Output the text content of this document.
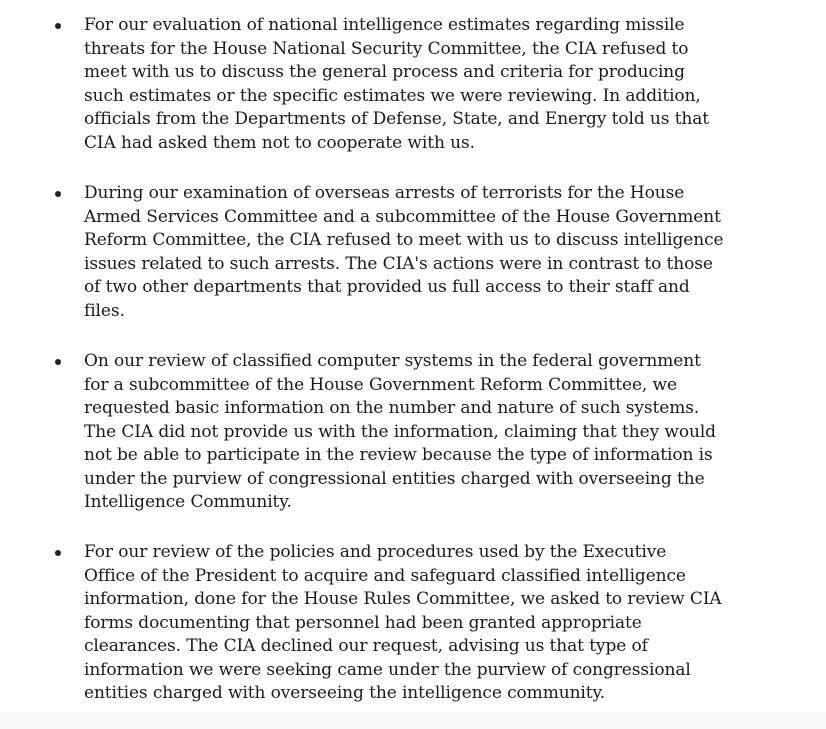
For our evaluation of national intelligence estimates regarding missile
threats for the House National Security Committee, the CIA refused to
meet with us to discuss the general process and criteria for producing
such estimates or the specific estimates we were reviewing. In addition,
officials from the Departments of Defense, State, and Energy told us that
CIA had asked them not to cooperate with us.

During our examination of overseas arrests of terrorists for the House
Armed Services Committee and a subcommittee of the House Government
Reform Committee, the CIA refused to meet with us to discuss intelligence
issues related to such arrests. The CIA's actions were in contrast to those
of two other departments that provided us full access to their staff and
files.

On our review of classified computer systems in the federal government
for a subcommittee of the House Government Reform Committee, we
requested basic information on the number and nature of such systems.
The CIA did not provide us with the information, claiming that they would
not be able to participate in the review because the type of information is
under the purview of congressional entities charged with overseeing the
Intelligence Community.

For our review of the policies and procedures used by the Executive
Office of the President to acquire and safeguard classified intelligence
information, done for the House Rules Committee, we asked to review CIA
forms documenting that personnel had been granted appropriate
clearances. The CIA declined our request, advising us that type of
information we were seeking came under the purview of congressional
entities charged with overseeing the intelligence community.
